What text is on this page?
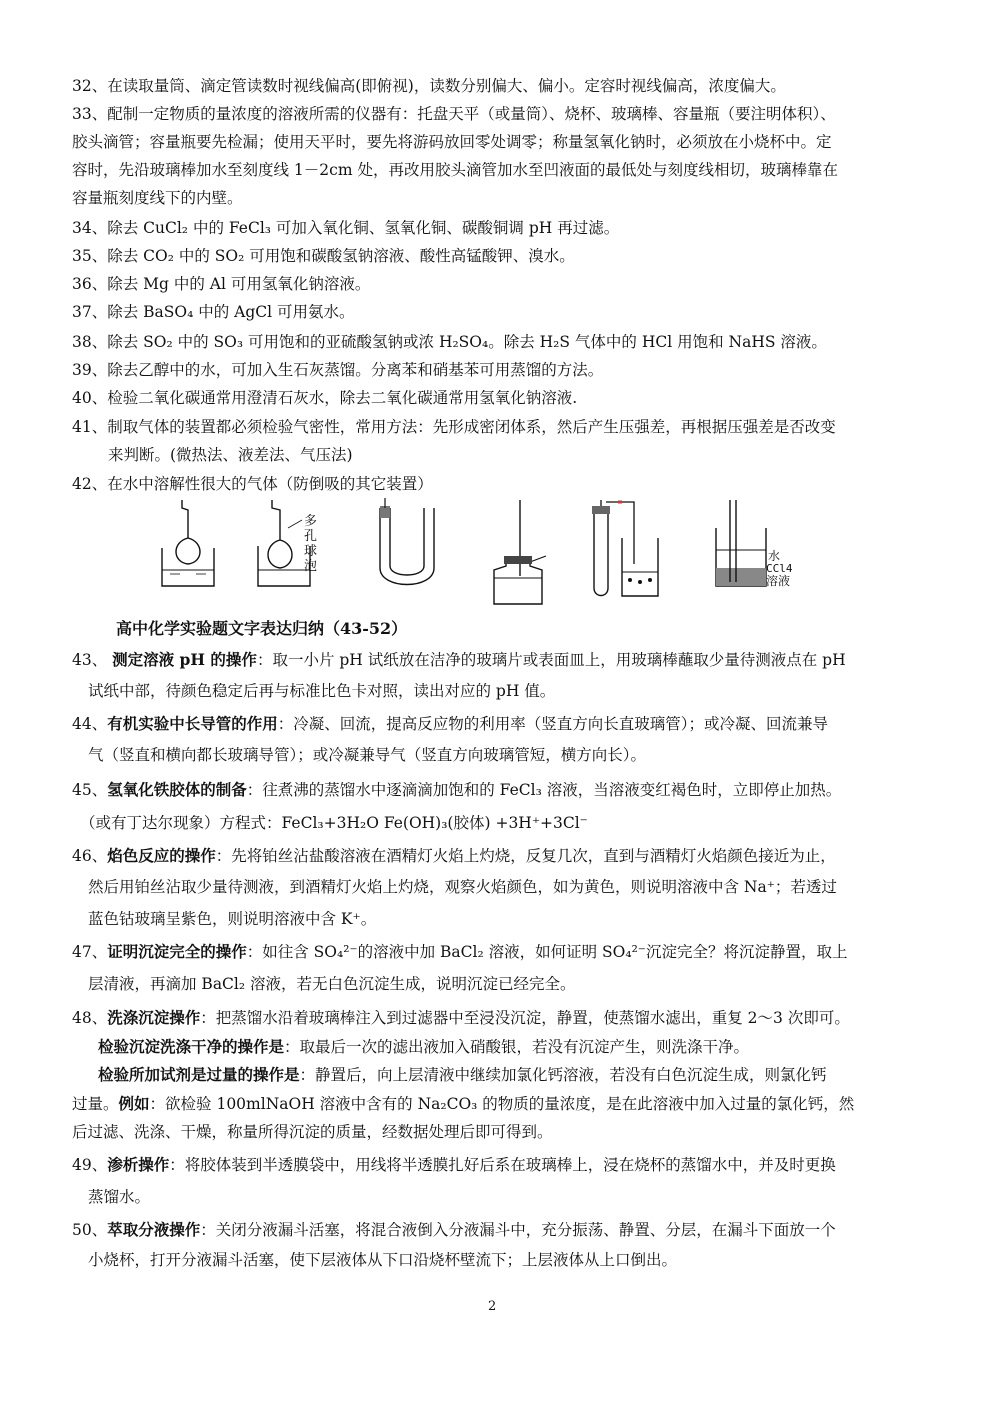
32、在读取量筒、滴定管读数时视线偏高(即俯视)，读数分别偏大、偏小。定容时视线偏高，浓度偏大。
33、配制一定物质的量浓度的溶液所需的仪器有：托盘天平（或量筒）、烧杯、玻璃棒、容量瓶（要注明体积）、
胶头滴管；容量瓶要先检漏；使用天平时，要先将游码放回零处调零；称量氢氧化钠时，必须放在小烧杯中。定
容时，先沿玻璃棒加水至刻度线 1－2cm 处，再改用胶头滴管加水至凹液面的最低处与刻度线相切，玻璃棒靠在
容量瓶刻度线下的内壁。
34、除去 CuCl₂ 中的 FeCl₃ 可加入氧化铜、氢氧化铜、碳酸铜调 pH 再过滤。
35、除去 CO₂ 中的 SO₂ 可用饱和碳酸氢钠溶液、酸性高锰酸钾、溴水。
36、除去 Mg 中的 Al 可用氢氧化钠溶液。
37、除去 BaSO₄ 中的 AgCl 可用氨水。
38、除去 SO₂ 中的 SO₃ 可用饱和的亚硫酸氢钠或浓 H₂SO₄。除去 H₂S 气体中的 HCl 用饱和 NaHS 溶液。
39、除去乙醇中的水，可加入生石灰蒸馏。分离苯和硝基苯可用蒸馏的方法。
40、检验二氧化碳通常用澄清石灰水，除去二氧化碳通常用氢氧化钠溶液.
41、制取气体的装置都必须检验气密性，常用方法：先形成密闭体系，然后产生压强差，再根据压强差是否改变
来判断。(微热法、液差法、气压法)
42、在水中溶解性很大的气体（防倒吸的其它装置）
多
孔
球
泡
水
CCl4
溶液
高中化学实验题文字表达归纳（43-52）
43、 测定溶液 pH 的操作：取一小片 pH 试纸放在洁净的玻璃片或表面皿上，用玻璃棒蘸取少量待测液点在 pH
试纸中部，待颜色稳定后再与标准比色卡对照，读出对应的 pH 值。
44、有机实验中长导管的作用：冷凝、回流，提高反应物的利用率（竖直方向长直玻璃管）；或冷凝、回流兼导
气（竖直和横向都长玻璃导管）；或冷凝兼导气（竖直方向玻璃管短，横方向长）。
45、氢氧化铁胶体的制备：往煮沸的蒸馏水中逐滴滴加饱和的 FeCl₃ 溶液，当溶液变红褐色时，立即停止加热。
（或有丁达尔现象）方程式：FeCl₃+3H₂O Fe(OH)₃(胶体) +3H⁺+3Cl⁻
46、焰色反应的操作：先将铂丝沾盐酸溶液在酒精灯火焰上灼烧，反复几次，直到与酒精灯火焰颜色接近为止，
然后用铂丝沾取少量待测液，到酒精灯火焰上灼烧，观察火焰颜色，如为黄色，则说明溶液中含 Na⁺；若透过
蓝色钴玻璃呈紫色，则说明溶液中含 K⁺。
47、证明沉淀完全的操作：如往含 SO₄²⁻的溶液中加 BaCl₂ 溶液，如何证明 SO₄²⁻沉淀完全？将沉淀静置，取上
层清液，再滴加 BaCl₂ 溶液，若无白色沉淀生成，说明沉淀已经完全。
48、洗涤沉淀操作：把蒸馏水沿着玻璃棒注入到过滤器中至浸没沉淀，静置，使蒸馏水滤出，重复 2～3 次即可。
检验沉淀洗涤干净的操作是：取最后一次的滤出液加入硝酸银，若没有沉淀产生，则洗涤干净。
检验所加试剂是过量的操作是：静置后，向上层清液中继续加氯化钙溶液，若没有白色沉淀生成，则氯化钙
过量。例如：欲检验 100mlNaOH 溶液中含有的 Na₂CO₃ 的物质的量浓度，是在此溶液中加入过量的氯化钙，然
后过滤、洗涤、干燥，称量所得沉淀的质量，经数据处理后即可得到。
49、渗析操作：将胶体装到半透膜袋中，用线将半透膜扎好后系在玻璃棒上，浸在烧杯的蒸馏水中，并及时更换
蒸馏水。
50、萃取分液操作：关闭分液漏斗活塞，将混合液倒入分液漏斗中，充分振荡、静置、分层，在漏斗下面放一个
小烧杯，打开分液漏斗活塞，使下层液体从下口沿烧杯壁流下；上层液体从上口倒出。
2
